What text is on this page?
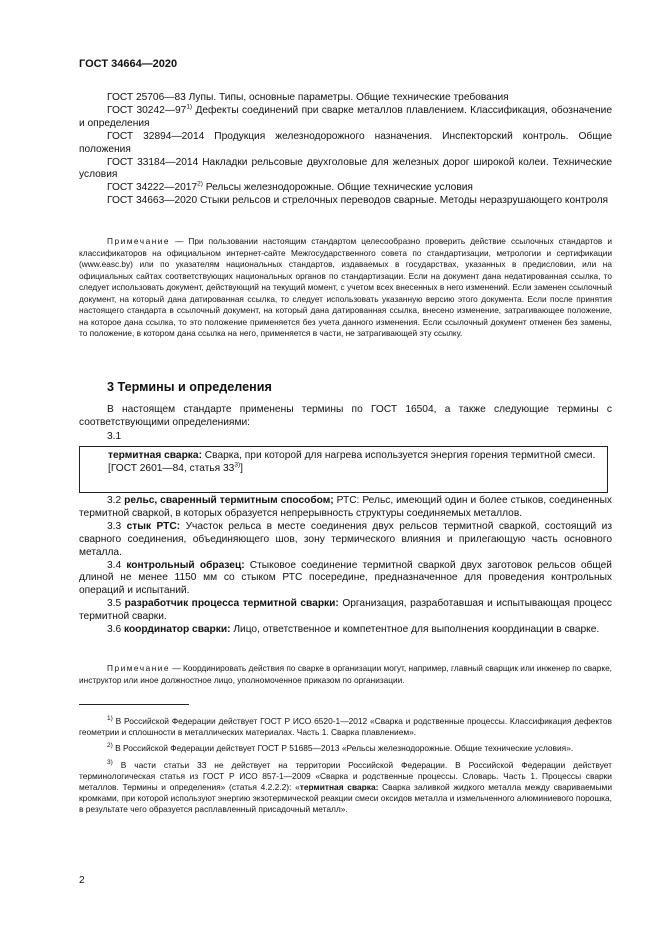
ГОСТ 34664—2020
ГОСТ 25706—83 Лупы. Типы, основные параметры. Общие технические требования
ГОСТ 30242—97$^{1)}$ Дефекты соединений при сварке металлов плавлением. Классификация, обозначение и определения
ГОСТ 32894—2014 Продукция железнодорожного назначения. Инспекторский контроль. Общие положения
ГОСТ 33184—2014 Накладки рельсовые двухголовые для железных дорог широкой колеи. Технические условия
ГОСТ 34222—2017$^{2)}$ Рельсы железнодорожные. Общие технические условия
ГОСТ 34663—2020 Стыки рельсов и стрелочных переводов сварные. Методы неразрушающего контроля
Примечание — При пользовании настоящим стандартом целесообразно проверить действие ссылочных стандартов и классификаторов на официальном интернет-сайте Межгосударственного совета по стандартизации, метрологии и сертификации (www.easc.by) или по указателям национальных стандартов, издаваемых в государствах, указанных в предисловии, или на официальных сайтах соответствующих национальных органов по стандартизации. Если на документ дана недатированная ссылка, то следует использовать документ, действующий на текущий момент, с учетом всех внесенных в него изменений. Если заменен ссылочный документ, на который дана датированная ссылка, то следует использовать указанную версию этого документа. Если после принятия настоящего стандарта в ссылочный документ, на который дана датированная ссылка, внесено изменение, затрагивающее положение, на которое дана ссылка, то это положение применяется без учета данного изменения. Если ссылочный документ отменен без замены, то положение, в котором дана ссылка на него, применяется в части, не затрагивающей эту ссылку.
3 Термины и определения
В настоящем стандарте применены термины по ГОСТ 16504, а также следующие термины с соответствующими определениями:
3.1
термитная сварка: Сварка, при которой для нагрева используется энергия горения термитной смеси.
[ГОСТ 2601—84, статья 33$^{3)}$]
3.2 рельс, сваренный термитным способом; РТС: Рельс, имеющий один и более стыков, соединенных термитной сваркой, в которых образуется непрерывность структуры соединяемых металлов.
3.3 стык РТС: Участок рельса в месте соединения двух рельсов термитной сваркой, состоящий из сварного соединения, объединяющего шов, зону термического влияния и прилегающую часть основного металла.
3.4 контрольный образец: Стыковое соединение термитной сваркой двух заготовок рельсов общей длиной не менее 1150 мм со стыком РТС посередине, предназначенное для проведения контрольных операций и испытаний.
3.5 разработчик процесса термитной сварки: Организация, разработавшая и испытывающая процесс термитной сварки.
3.6 координатор сварки: Лицо, ответственное и компетентное для выполнения координации в сварке.
Примечание — Координировать действия по сварке в организации могут, например, главный сварщик или инженер по сварке, инструктор или иное должностное лицо, уполномоченное приказом по организации.
$^{1)}$ В Российской Федерации действует ГОСТ Р ИСО 6520-1—2012 «Сварка и родственные процессы. Классификация дефектов геометрии и сплошности в металлических материалах. Часть 1. Сварка плавлением».
$^{2)}$ В Российской Федерации действует ГОСТ Р 51685—2013 «Рельсы железнодорожные. Общие технические условия».
$^{3)}$ В части статьи 33 не действует на территории Российской Федерации. В Российской Федерации действует терминологическая статья из ГОСТ Р ИСО 857-1—2009 «Сварка и родственные процессы. Словарь. Часть 1. Процессы сварки металлов. Термины и определения» (статья 4.2.2.2): «термитная сварка: Сварка заливкой жидкого металла между свариваемыми кромками, при которой используют энергию экзотермической реакции смеси оксидов металла и измельченного алюминиевого порошка, в результате чего образуется расплавленный присадочный металл».
2
